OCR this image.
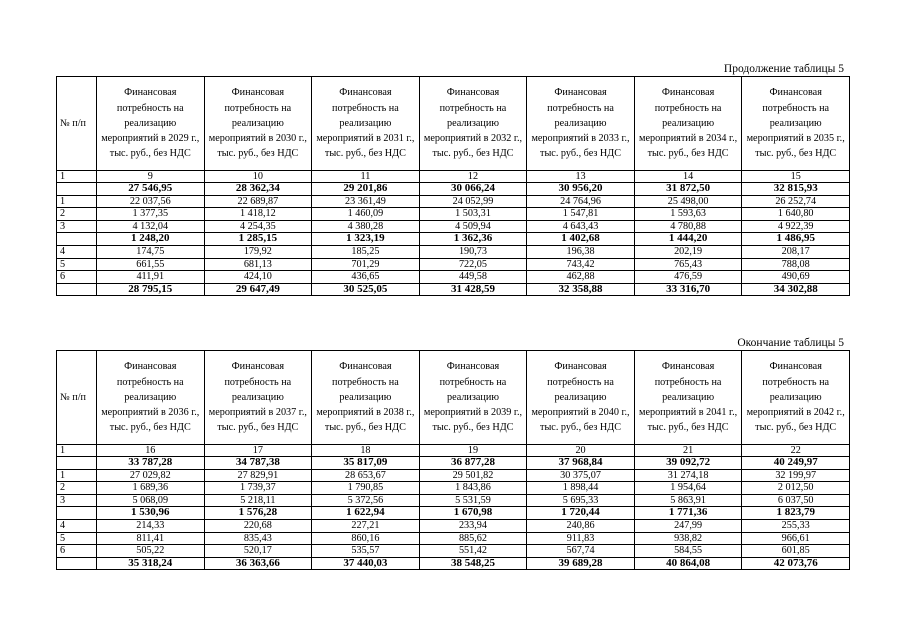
Продолжение таблицы 5
№ п/п	Финансовая потребность на реализацию мероприятий в 2029 г., тыс. руб., без НДС	Финансовая потребность на реализацию мероприятий в 2030 г., тыс. руб., без НДС	Финансовая потребность на реализацию мероприятий в 2031 г., тыс. руб., без НДС	Финансовая потребность на реализацию мероприятий в 2032 г., тыс. руб., без НДС	Финансовая потребность на реализацию мероприятий в 2033 г., тыс. руб., без НДС	Финансовая потребность на реализацию мероприятий в 2034 г., тыс. руб., без НДС	Финансовая потребность на реализацию мероприятий в 2035 г., тыс. руб., без НДС
1	9	10	11	12	13	14	15
	27 546,95	28 362,34	29 201,86	30 066,24	30 956,20	31 872,50	32 815,93
1	22 037,56	22 689,87	23 361,49	24 052,99	24 764,96	25 498,00	26 252,74
2	1 377,35	1 418,12	1 460,09	1 503,31	1 547,81	1 593,63	1 640,80
3	4 132,04	4 254,35	4 380,28	4 509,94	4 643,43	4 780,88	4 922,39
	1 248,20	1 285,15	1 323,19	1 362,36	1 402,68	1 444,20	1 486,95
4	174,75	179,92	185,25	190,73	196,38	202,19	208,17
5	661,55	681,13	701,29	722,05	743,42	765,43	788,08
6	411,91	424,10	436,65	449,58	462,88	476,59	490,69
	28 795,15	29 647,49	30 525,05	31 428,59	32 358,88	33 316,70	34 302,88
Окончание таблицы 5
№ п/п	Финансовая потребность на реализацию мероприятий в 2036 г., тыс. руб., без НДС	Финансовая потребность на реализацию мероприятий в 2037 г., тыс. руб., без НДС	Финансовая потребность на реализацию мероприятий в 2038 г., тыс. руб., без НДС	Финансовая потребность на реализацию мероприятий в 2039 г., тыс. руб., без НДС	Финансовая потребность на реализацию мероприятий в 2040 г., тыс. руб., без НДС	Финансовая потребность на реализацию мероприятий в 2041 г., тыс. руб., без НДС	Финансовая потребность на реализацию мероприятий в 2042 г., тыс. руб., без НДС
1	16	17	18	19	20	21	22
	33 787,28	34 787,38	35 817,09	36 877,28	37 968,84	39 092,72	40 249,97
1	27 029,82	27 829,91	28 653,67	29 501,82	30 375,07	31 274,18	32 199,97
2	1 689,36	1 739,37	1 790,85	1 843,86	1 898,44	1 954,64	2 012,50
3	5 068,09	5 218,11	5 372,56	5 531,59	5 695,33	5 863,91	6 037,50
	1 530,96	1 576,28	1 622,94	1 670,98	1 720,44	1 771,36	1 823,79
4	214,33	220,68	227,21	233,94	240,86	247,99	255,33
5	811,41	835,43	860,16	885,62	911,83	938,82	966,61
6	505,22	520,17	535,57	551,42	567,74	584,55	601,85
	35 318,24	36 363,66	37 440,03	38 548,25	39 689,28	40 864,08	42 073,76
